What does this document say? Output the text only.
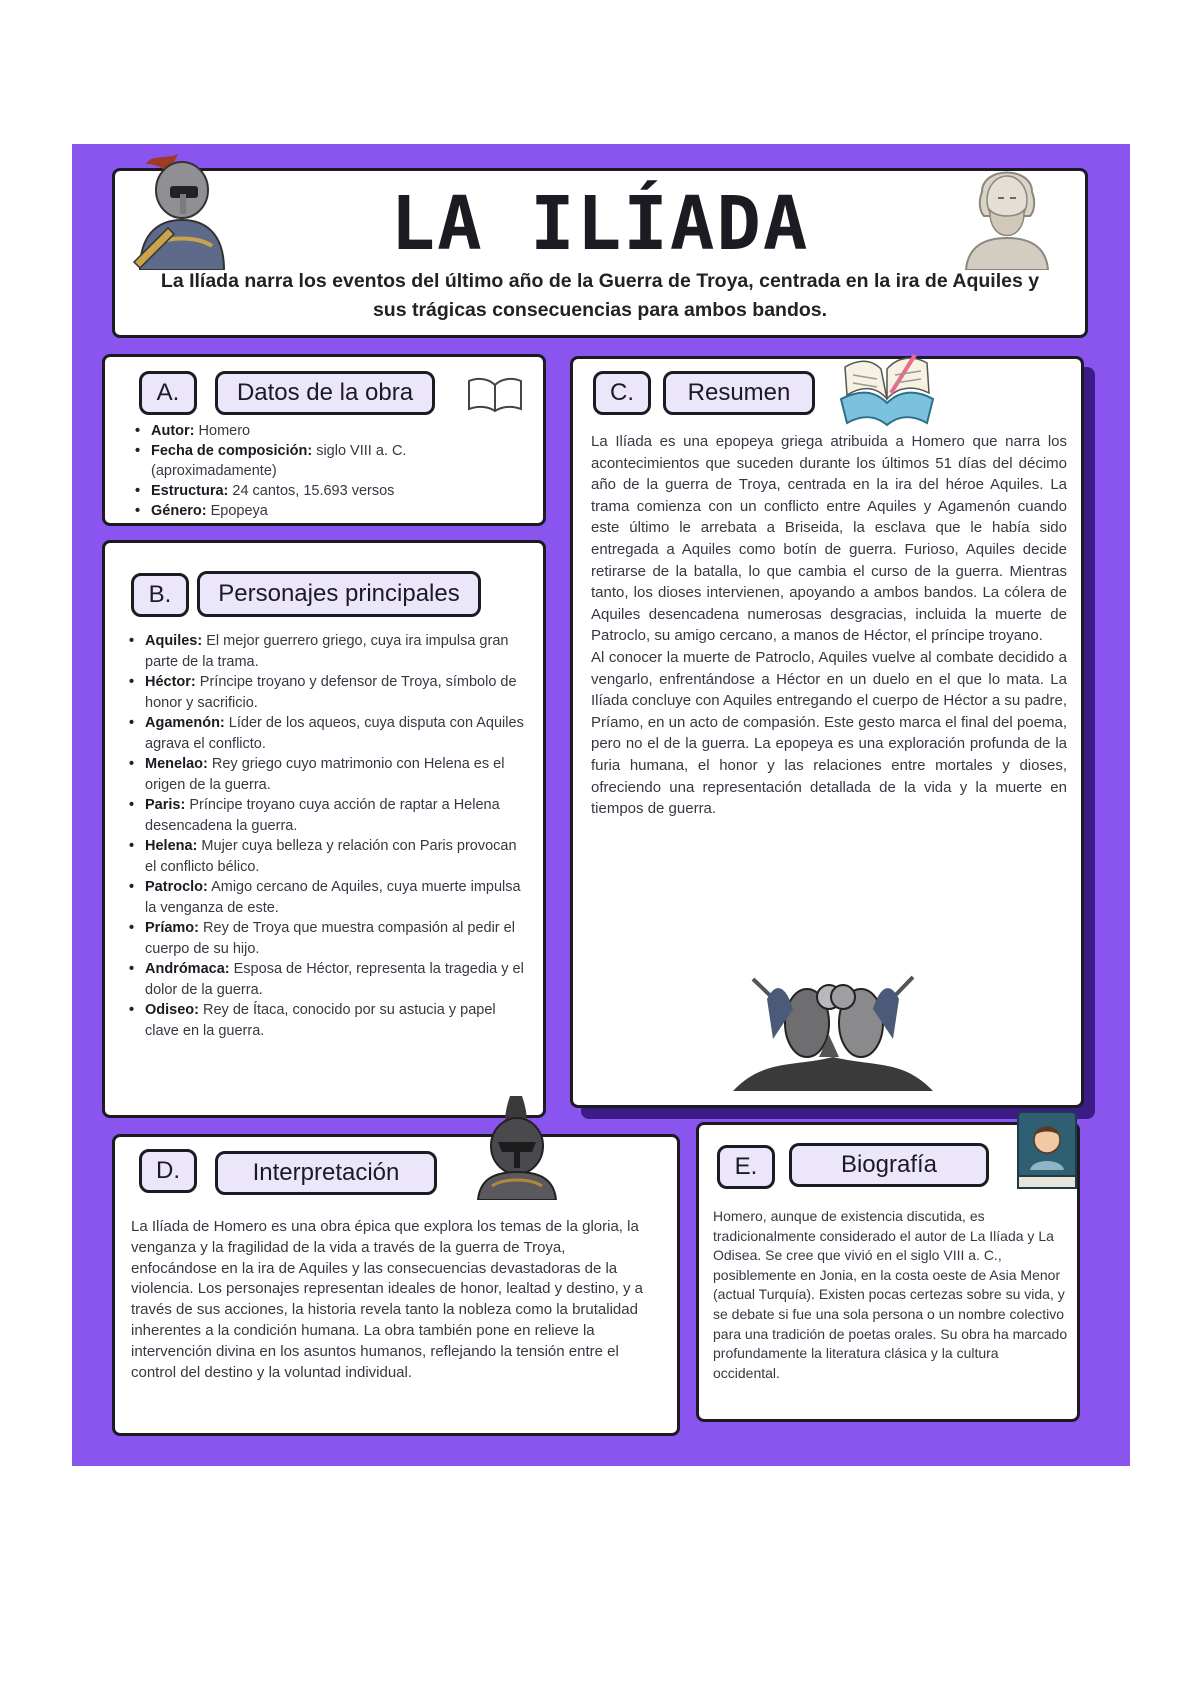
LA ILÍADA
La Ilíada narra los eventos del último año de la Guerra de Troya, centrada en la ira de Aquiles y sus trágicas consecuencias para ambos bandos.
A.	Datos de la obra
• Autor: Homero
• Fecha de composición: siglo VIII a. C. (aproximadamente)
• Estructura: 24 cantos, 15.693 versos
• Género: Epopeya
B.	Personajes principales
• Aquiles: El mejor guerrero griego, cuya ira impulsa gran parte de la trama.
• Héctor: Príncipe troyano y defensor de Troya, símbolo de honor y sacrificio.
• Agamenón: Líder de los aqueos, cuya disputa con Aquiles agrava el conflicto.
• Menelao: Rey griego cuyo matrimonio con Helena es el origen de la guerra.
• Paris: Príncipe troyano cuya acción de raptar a Helena desencadena la guerra.
• Helena: Mujer cuya belleza y relación con Paris provocan el conflicto bélico.
• Patroclo: Amigo cercano de Aquiles, cuya muerte impulsa la venganza de este.
• Príamo: Rey de Troya que muestra compasión al pedir el cuerpo de su hijo.
• Andrómaca: Esposa de Héctor, representa la tragedia y el dolor de la guerra.
• Odiseo: Rey de Ítaca, conocido por su astucia y papel clave en la guerra.
C.	Resumen

La Ilíada es una epopeya griega atribuida a Homero que narra los acontecimientos que suceden durante los últimos 51 días del décimo año de la guerra de Troya, centrada en la ira del héroe Aquiles. La trama comienza con un conflicto entre Aquiles y Agamenón cuando este último le arrebata a Briseida, la esclava que le había sido entregada a Aquiles como botín de guerra. Furioso, Aquiles decide retirarse de la batalla, lo que cambia el curso de la guerra. Mientras tanto, los dioses intervienen, apoyando a ambos bandos. La cólera de Aquiles desencadena numerosas desgracias, incluida la muerte de Patroclo, su amigo cercano, a manos de Héctor, el príncipe troyano.

Al conocer la muerte de Patroclo, Aquiles vuelve al combate decidido a vengarlo, enfrentándose a Héctor en un duelo en el que lo mata. La Ilíada concluye con Aquiles entregando el cuerpo de Héctor a su padre, Príamo, en un acto de compasión. Este gesto marca el final del poema, pero no el de la guerra. La epopeya es una exploración profunda de la furia humana, el honor y las relaciones entre mortales y dioses, ofreciendo una representación detallada de la vida y la muerte en tiempos de guerra.

D.	Interpretación
La Ilíada de Homero es una obra épica que explora los temas de la gloria, la venganza y la fragilidad de la vida a través de la guerra de Troya, enfocándose en la ira de Aquiles y las consecuencias devastadoras de la violencia. Los personajes representan ideales de honor, lealtad y destino, y a través de sus acciones, la historia revela tanto la nobleza como la brutalidad inherentes a la condición humana. La obra también pone en relieve la intervención divina en los asuntos humanos, reflejando la tensión entre el control del destino y la voluntad individual.
E.	Biografía
Homero, aunque de existencia discutida, es tradicionalmente considerado el autor de La Ilíada y La Odisea. Se cree que vivió en el siglo VIII a. C., posiblemente en Jonia, en la costa oeste de Asia Menor (actual Turquía). Existen pocas certezas sobre su vida, y se debate si fue una sola persona o un nombre colectivo para una tradición de poetas orales. Su obra ha marcado profundamente la literatura clásica y la cultura occidental.
